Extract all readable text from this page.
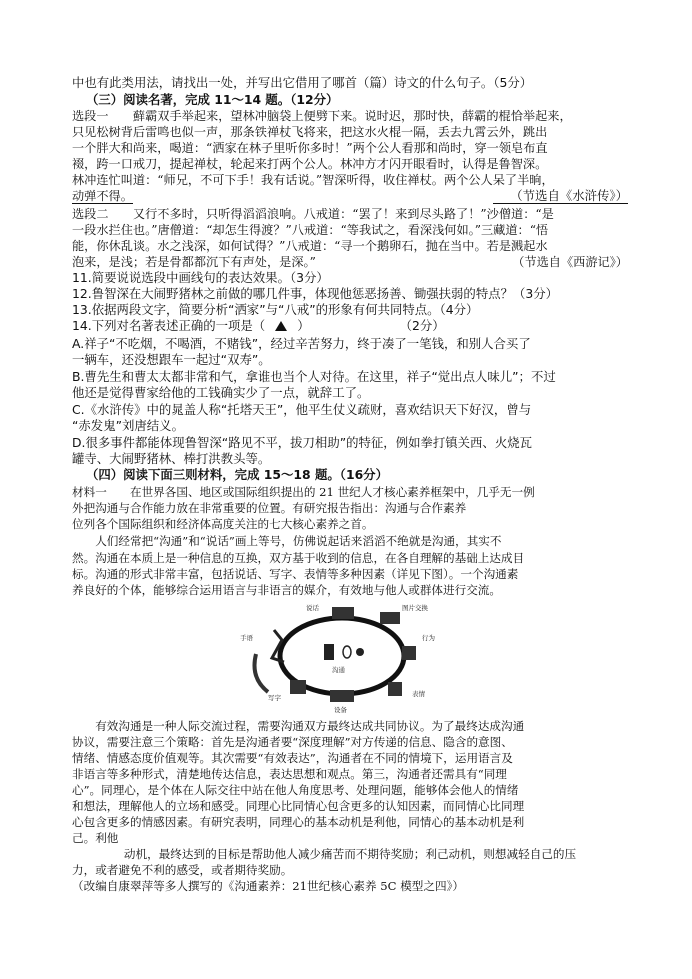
中也有此类用法，请找出一处，并写出它借用了哪首（篇）诗文的什么句子。（5分）
（三）阅读名著，完成 11～14 题。（12分）
选段一　　蘚霸双手举起来，望林冲脑袋上便劈下来。说时迟，那时快，薛霸的棍恰举起来，
只见松树背后雷鸣也似一声，那条铁禅杖飞将来，把这水火棍一隔，丢去九霄云外，跳出
一个胖大和尚来，喝道：“洒家在林子里听你多时！”两个公人看那和尚时，穿一领皂布直
裰，跨一口戒刀，提起禅杖，轮起来打两个公人。林冲方才闪开眼看时，认得是鲁智深。
林冲连忙叫道：“师兄，不可下手！我有话说。”智深听得，收住禅杖。两个公人呆了半晌，
动弹不得。	（节选自《水浒传》）
选段二　　又行不多时，只听得滔滔浪响。八戒道：“罢了！来到尽头路了！”沙僧道：“是
一段水拦住也。”唐僧道：“却怎生得渡？”八戒道：“等我试之，看深浅何如。”三藏道：“悟
能，你休乱谈。水之浅深，如何试得？”八戒道：“寻一个鹅卵石，抛在当中。若是溅起水
泡来，是浅；若是骨都都沉下有声处，是深。”	（节选自《西游记》）
11.简要说说选段中画线句的表达效果。（3分）
12.鲁智深在大闹野猪林之前做的哪几件事，体现他惩恶扬善、锄强扶弱的特点？（3分）
13.依据两段文字，简要分析“洒家”与“八戒”的形象有何共同特点。（4分）
14.下列对名著表述正确的一项是（	）	（2分）
A.祥子“不吃烟，不喝酒，不赌钱”，经过辛苦努力，终于凑了一笔钱，和别人合买了
一辆车，还没想跟车一起过“双寿”。
B.曹先生和曹太太都非常和气，拿谁也当个人对待。在这里，祥子“觉出点人味儿”；不过
他还是觉得曹家给他的工钱确实少了一点，就辞工了。
C.《水浒传》中的晁盖人称“托塔天王”，他平生仗义疏财，喜欢结识天下好汉，曾与
“赤发鬼”刘唐结义。
D.很多事件都能体现鲁智深“路见不平，拔刀相助”的特征，例如拳打镇关西、火烧瓦
罐寺、大闹野猪林、棒打洪教头等。
（四）阅读下面三则材料，完成 15～18 题。（16分）
材料一　　在世界各国、地区或国际组织提出的 21 世纪人才核心素养框架中，几乎无一例
外把沟通与合作能力放在非常重要的位置。有研究报告指出：沟通与合作素养
位列各个国际组织和经济体高度关注的七大核心素养之首。
　　人们经常把“沟通”和“说话”画上等号，仿佛说起话来滔滔不绝就是沟通，其实不
然。沟通在本质上是一种信息的互换，双方基于收到的信息，在各自理解的基础上达成目
标。沟通的形式非常丰富，包括说话、写字、表情等多种因素（详见下图）。一个沟通素
养良好的个体，能够综合运用语言与非语言的媒介，有效地与他人或群体进行交流。
说话	图片交换
手语	行为
沟通
写字	表情
设备
　　有效沟通是一种人际交流过程，需要沟通双方最终达成共同协议。为了最终达成沟通
协议，需要注意三个策略：首先是沟通者要“深度理解”对方传递的信息、隐含的意图、
情绪、情感态度价值观等。其次需要“有效表达”，沟通者在不同的情境下，运用语言及
非语言等多种形式，清楚地传达信息，表达思想和观点。第三，沟通者还需具有“同理
心”。同理心，是个体在人际交往中站在他人角度思考、处理问题，能够体会他人的情绪
和想法，理解他人的立场和感受。同理心比同情心包含更多的认知因素，而同情心比同理
心包含更多的情感因素。有研究表明，同理心的基本动机是利他，同情心的基本动机是利
己。利他
动机，最终达到的目标是帮助他人减少痛苦而不期待奖励；利己动机，则想减轻自己的压
力，或者避免不利的感受，或者期待奖励。
（改编自康翠萍等多人撰写的《沟通素养：21世纪核心素养 5C 模型之四》）
